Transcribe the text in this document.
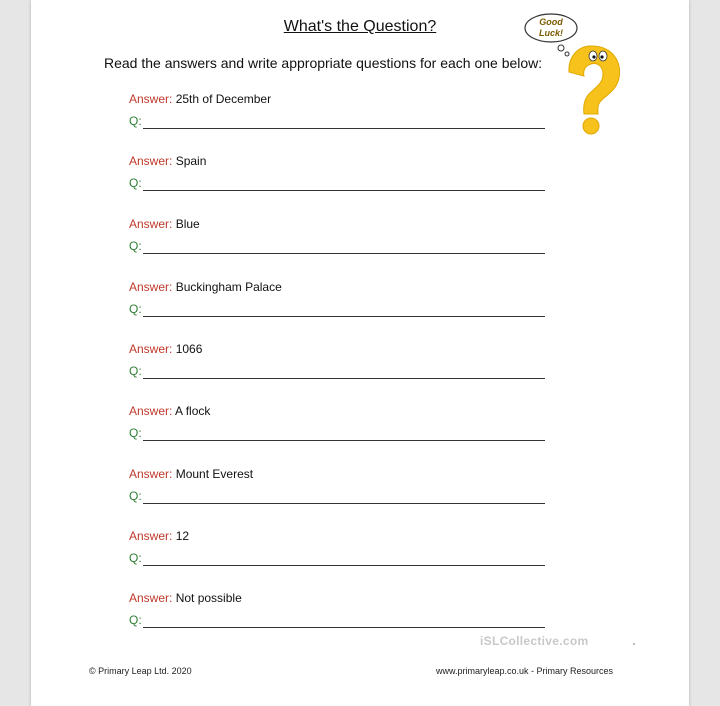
What's the Question?
Read the answers and write appropriate questions for each one below:
Good
Luck!
Answer: 25th of December
Q:
Answer: Spain
Q:
Answer: Blue
Q:
Answer: Buckingham Palace
Q:
Answer: 1066
Q:
Answer: A flock
Q:
Answer: Mount Everest
Q:
Answer: 12
Q:
Answer: Not possible
Q:
iSLCollective.com
© Primary Leap Ltd. 2020	www.primaryleap.co.uk - Primary Resources
